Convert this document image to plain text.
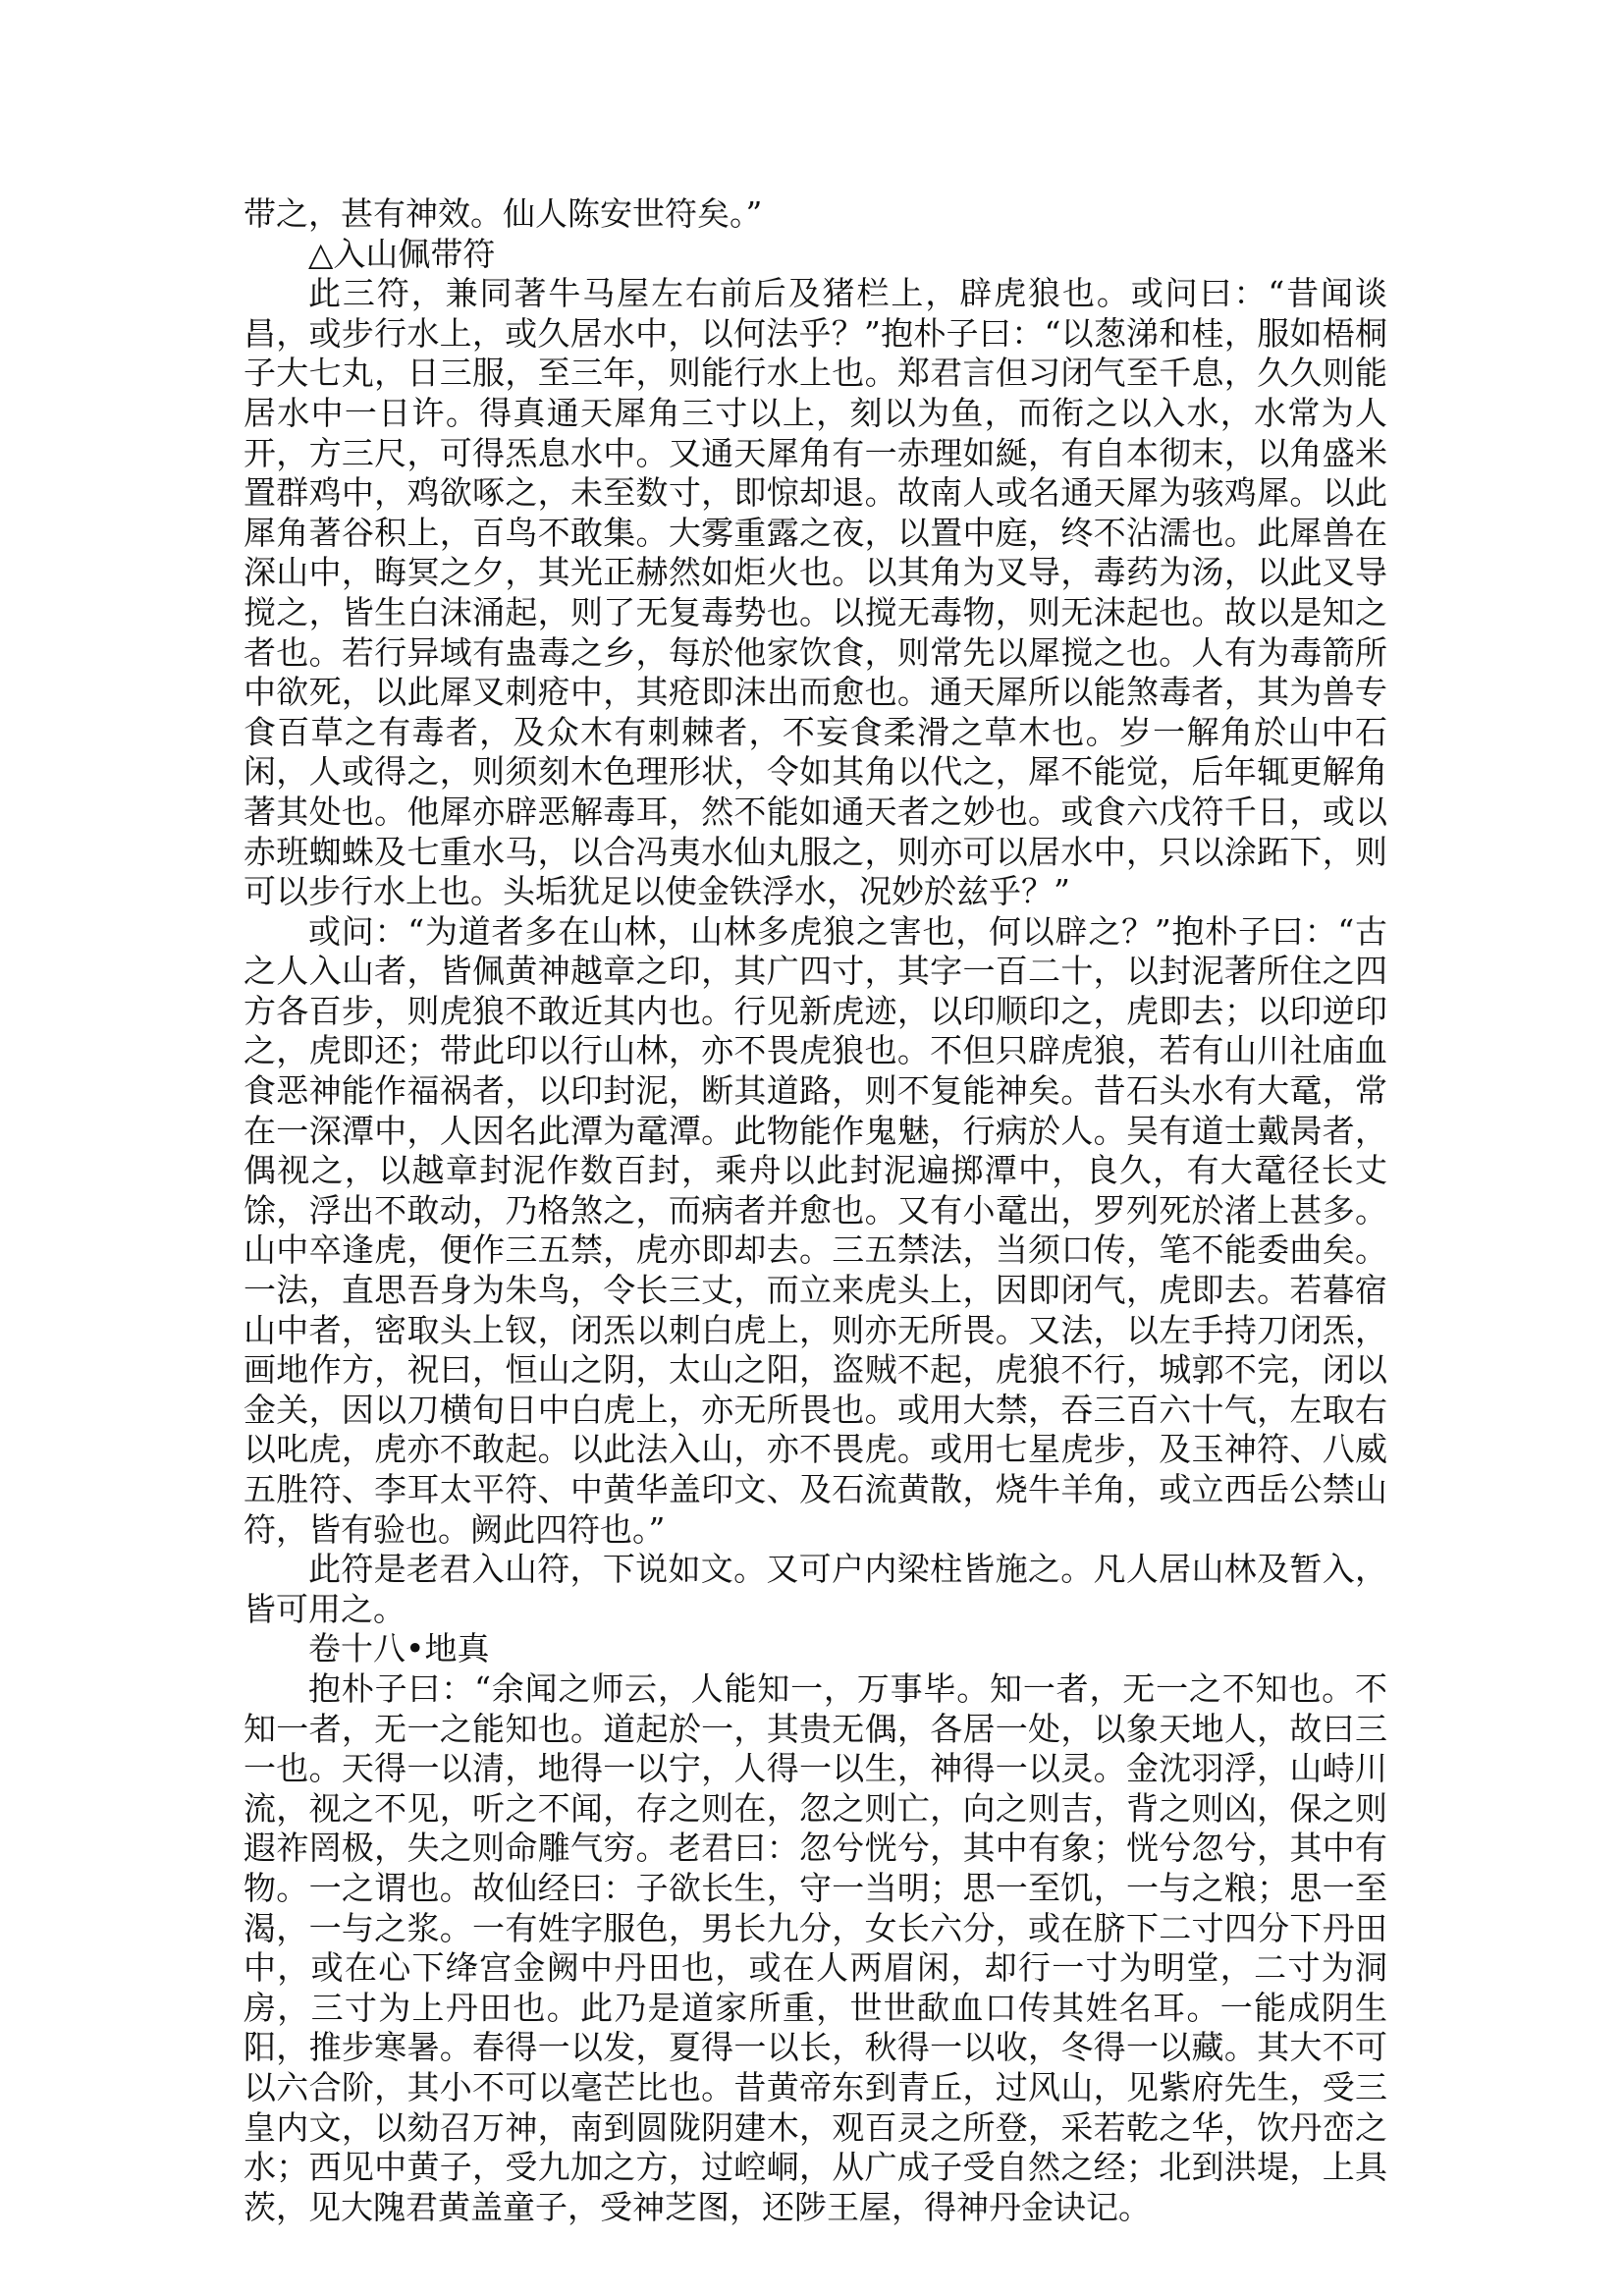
带之，甚有神效。仙人陈安世符矣。”

△入山佩带符

此三符，兼同著牛马屋左右前后及猪栏上，辟虎狼也。或问曰：“昔闻谈昌，或步行水上，或久居水中，以何法乎？”抱朴子曰：“以葱涕和桂，服如梧桐子大七丸，日三服，至三年，则能行水上也。郑君言但习闭气至千息，久久则能居水中一日许。得真通天犀角三寸以上，刻以为鱼，而衔之以入水，水常为人开，方三尺，可得炁息水中。又通天犀角有一赤理如綖，有自本彻末，以角盛米置群鸡中，鸡欲啄之，未至数寸，即惊却退。故南人或名通天犀为骇鸡犀。以此犀角著谷积上，百鸟不敢集。大雾重露之夜，以置中庭，终不沾濡也。此犀兽在深山中，晦冥之夕，其光正赫然如炬火也。以其角为叉导，毒药为汤，以此叉导搅之，皆生白沫涌起，则了无复毒势也。以搅无毒物，则无沫起也。故以是知之者也。若行异域有蛊毒之乡，每於他家饮食，则常先以犀搅之也。人有为毒箭所中欲死，以此犀叉刺疮中，其疮即沫出而愈也。通天犀所以能煞毒者，其为兽专食百草之有毒者，及众木有刺棘者，不妄食柔滑之草木也。岁一解角於山中石闲，人或得之，则须刻木色理形状，令如其角以代之，犀不能觉，后年辄更解角著其处也。他犀亦辟恶解毒耳，然不能如通天者之妙也。或食六戊符千日，或以赤班蜘蛛及七重水马，以合冯夷水仙丸服之，则亦可以居水中，只以涂跖下，则可以步行水上也。头垢犹足以使金铁浮水，况妙於兹乎？”

或问：“为道者多在山林，山林多虎狼之害也，何以辟之？”抱朴子曰：“古之人入山者，皆佩黄神越章之印，其广四寸，其字一百二十，以封泥著所住之四方各百步，则虎狼不敢近其内也。行见新虎迹，以印顺印之，虎即去；以印逆印之，虎即还；带此印以行山林，亦不畏虎狼也。不但只辟虎狼，若有山川社庙血食恶神能作福祸者，以印封泥，断其道路，则不复能神矣。昔石头水有大鼋，常在一深潭中，人因名此潭为鼋潭。此物能作鬼魅，行病於人。吴有道士戴昺者，偶视之，以越章封泥作数百封，乘舟以此封泥遍掷潭中，良久，有大鼋径长丈馀，浮出不敢动，乃格煞之，而病者并愈也。又有小鼋出，罗列死於渚上甚多。山中卒逢虎，便作三五禁，虎亦即却去。三五禁法，当须口传，笔不能委曲矣。一法，直思吾身为朱鸟，令长三丈，而立来虎头上，因即闭气，虎即去。若暮宿山中者，密取头上钗，闭炁以刺白虎上，则亦无所畏。又法，以左手持刀闭炁，画地作方，祝曰，恒山之阴，太山之阳，盗贼不起，虎狼不行，城郭不完，闭以金关，因以刀横旬日中白虎上，亦无所畏也。或用大禁，吞三百六十气，左取右以叱虎，虎亦不敢起。以此法入山，亦不畏虎。或用七星虎步，及玉神符、八威五胜符、李耳太平符、中黄华盖印文、及石流黄散，烧牛羊角，或立西岳公禁山符，皆有验也。阙此四符也。”

此符是老君入山符，下说如文。又可户内梁柱皆施之。凡人居山林及暂入，皆可用之。

卷十八•地真

抱朴子曰：“余闻之师云，人能知一，万事毕。知一者，无一之不知也。不知一者，无一之能知也。道起於一，其贵无偶，各居一处，以象天地人，故曰三一也。天得一以清，地得一以宁，人得一以生，神得一以灵。金沈羽浮，山峙川流，视之不见，听之不闻，存之则在，忽之则亡，向之则吉，背之则凶，保之则遐祚罔极，失之则命雕气穷。老君曰：忽兮恍兮，其中有象；恍兮忽兮，其中有物。一之谓也。故仙经曰：子欲长生，守一当明；思一至饥，一与之粮；思一至渴，一与之浆。一有姓字服色，男长九分，女长六分，或在脐下二寸四分下丹田中，或在心下绛宫金阙中丹田也，或在人两眉闲，却行一寸为明堂，二寸为洞房，三寸为上丹田也。此乃是道家所重，世世歃血口传其姓名耳。一能成阴生阳，推步寒暑。春得一以发，夏得一以长，秋得一以收，冬得一以藏。其大不可以六合阶，其小不可以毫芒比也。昔黄帝东到青丘，过风山，见紫府先生，受三皇内文，以劾召万神，南到圆陇阴建木，观百灵之所登，采若乾之华，饮丹峦之水；西见中黄子，受九加之方，过崆峒，从广成子受自然之经；北到洪堤，上具茨，见大隗君黄盖童子，受神芝图，还陟王屋，得神丹金诀记。
